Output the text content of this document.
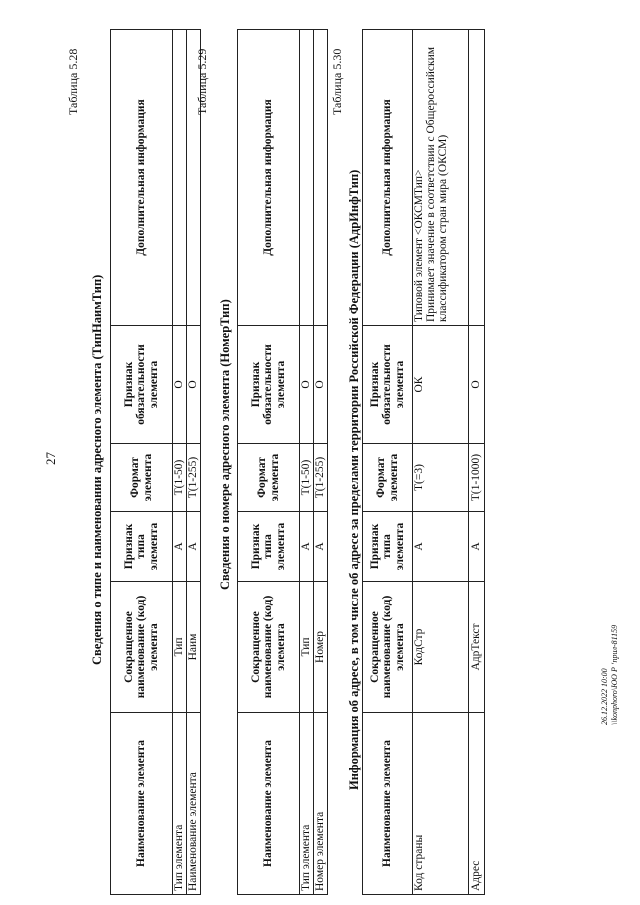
27
Таблица 5.28
Сведения о типе и наименовании адресного элемента (ТипНаимТип)
Наименование элемента	Сокращенное наименование (код) элемента	Признак типа элемента	Формат элемента	Признак обязательности элемента	Дополнительная информация
Тип элемента	Тип	А	T(1-50)	О	
Наименование элемента	Наим	А	T(1-255)	О	
Таблица 5.29
Сведения о номере адресного элемента (НомерТип)
Наименование элемента	Сокращенное наименование (код) элемента	Признак типа элемента	Формат элемента	Признак обязательности элемента	Дополнительная информация
Тип элемента	Тип	А	T(1-50)	О	
Номер элемента	Номер	А	T(1-255)	О	
Таблица 5.30
Информация об адресе, в том числе об адресе за пределами территории Российской Федерации (АдрИнфТип)
Наименование элемента	Сокращенное наименование (код) элемента	Признак типа элемента	Формат элемента	Признак обязательности элемента	Дополнительная информация
Код страны	КодСтр	А	T(=3)	ОК	Типовой элемент <ОКСМТип>
Принимает значение в соответствии с Общероссийским классификатором стран мира (ОКСМ)
Адрес	АдрТекст	А	T(1-1000)	О	
26.12.2022 10:00 \\konphoro\ЮО Р ‘прил-81159
